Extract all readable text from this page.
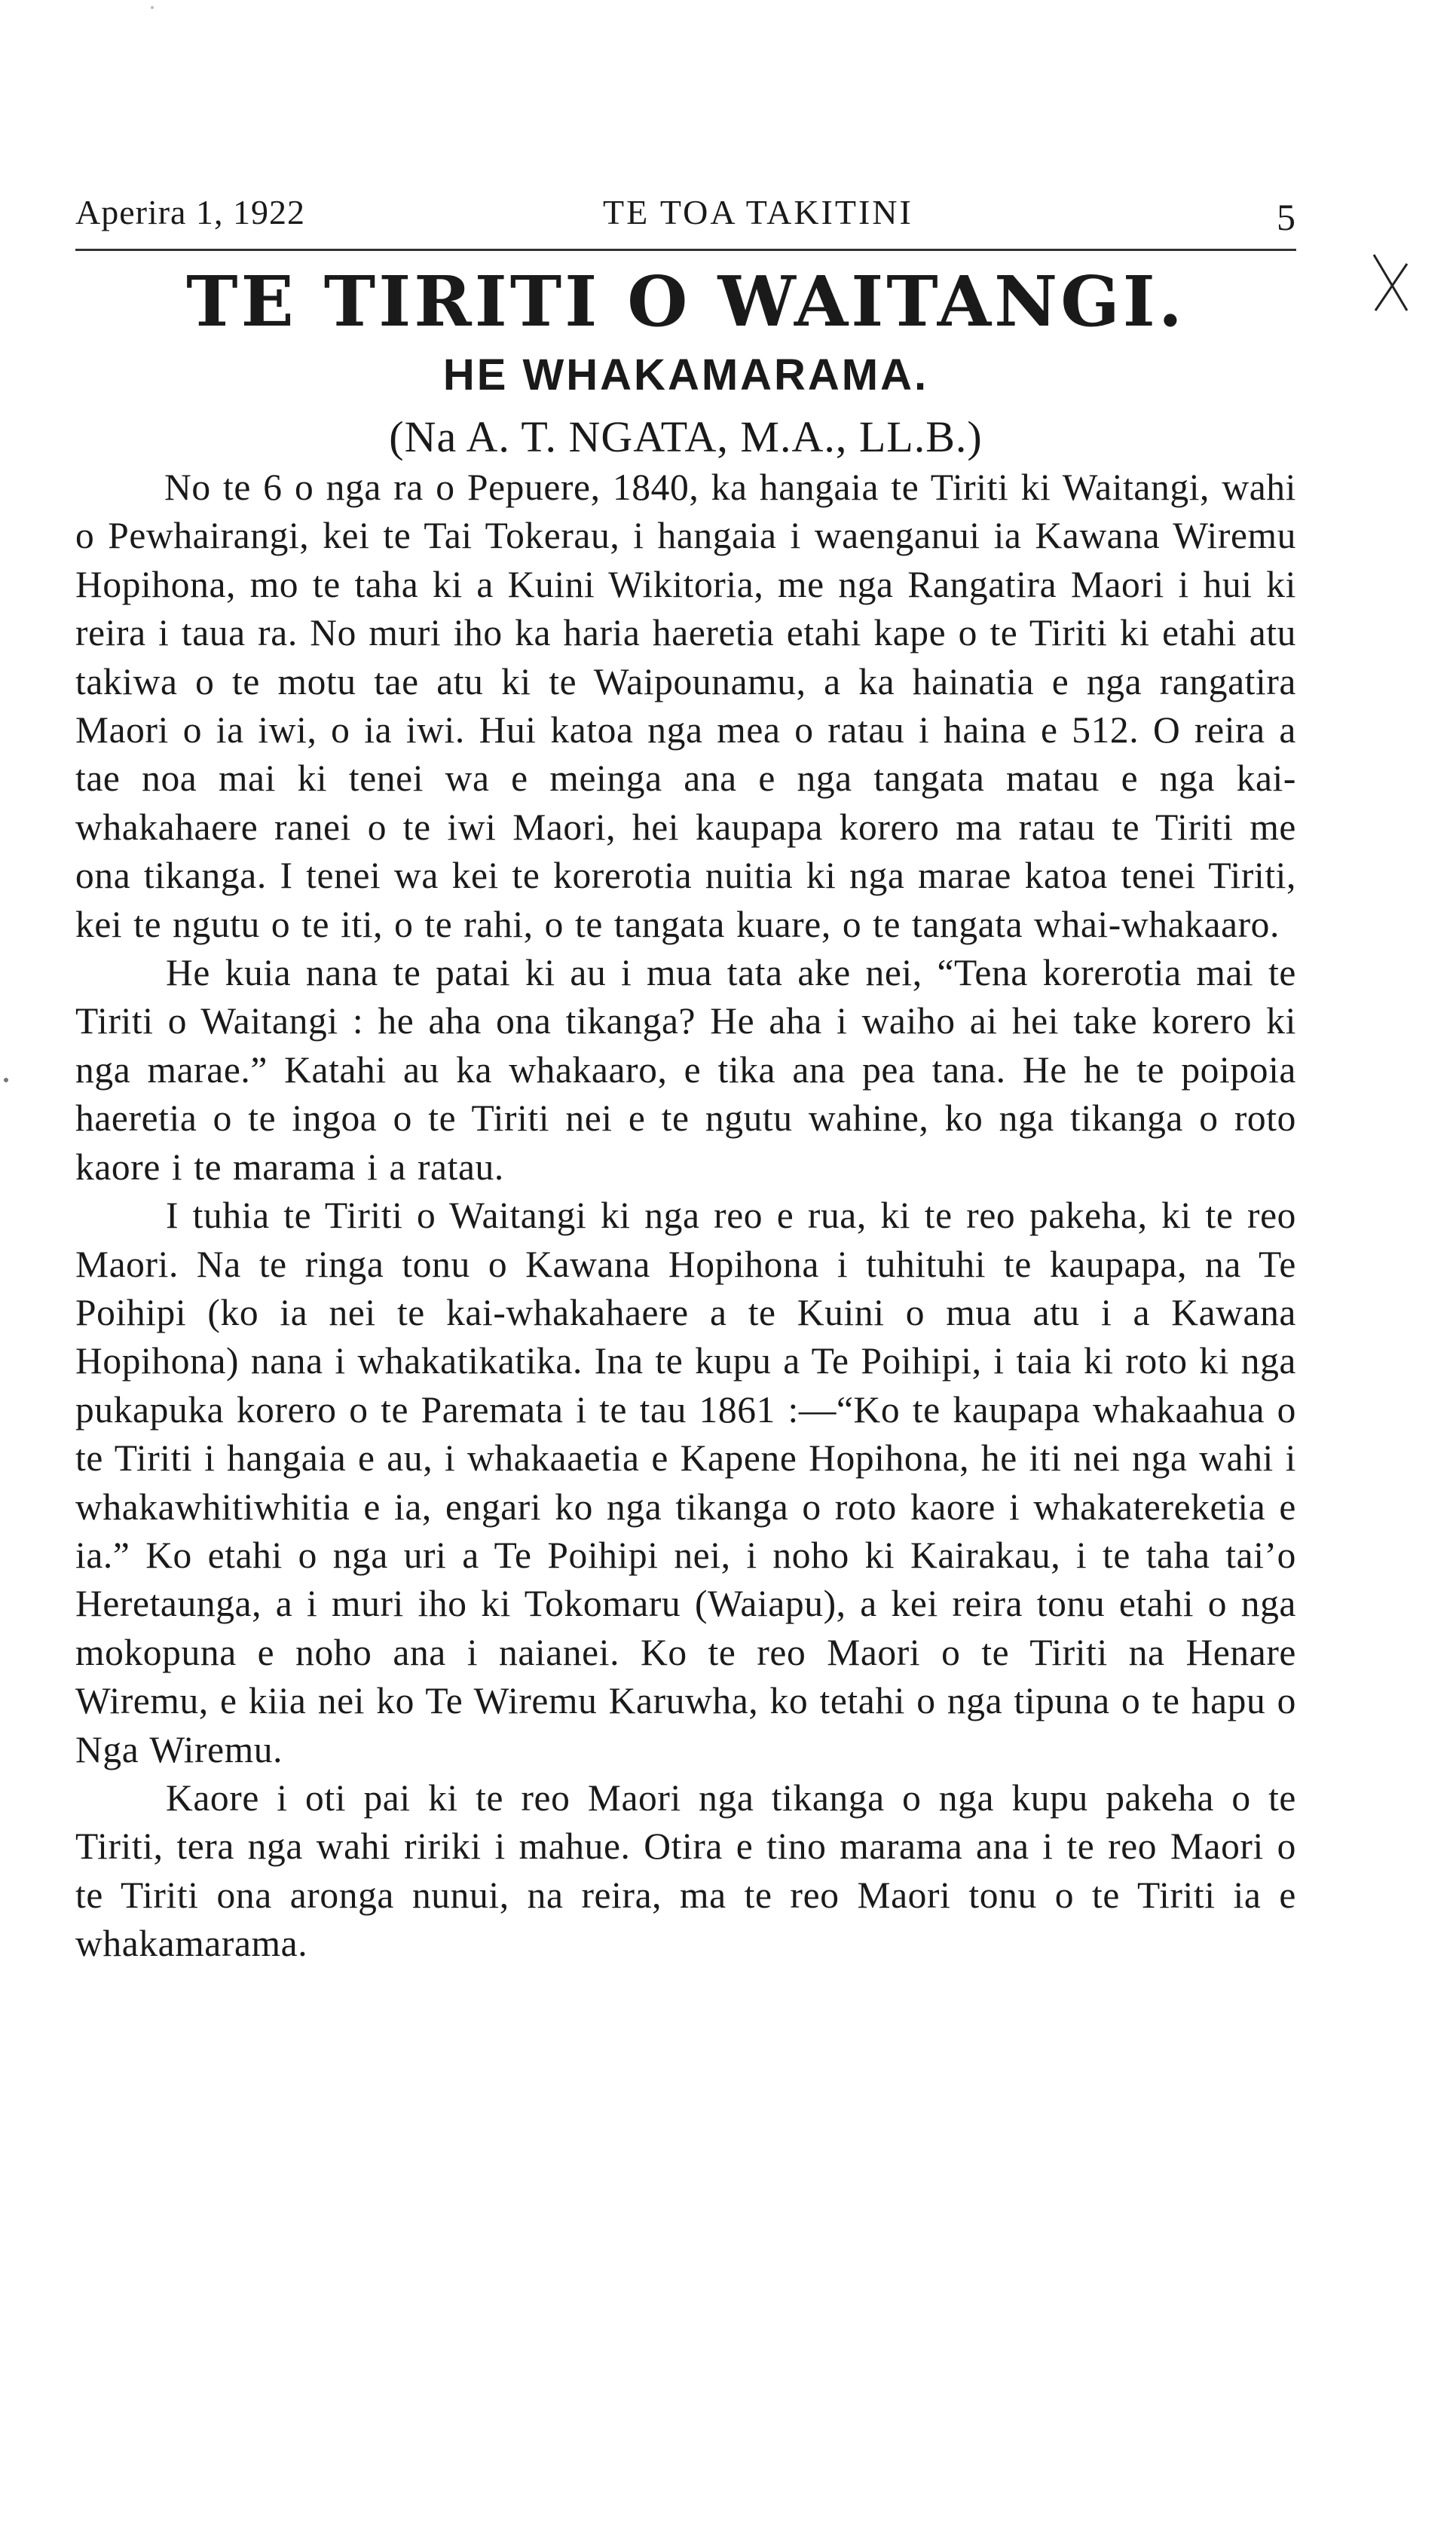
Aperira 1, 1922	TE TOA TAKITINI	5
TE TIRITI O WAITANGI.
HE WHAKAMARAMA.
(Na A. T. NGATA, M.A., LL.B.)

No te 6 o nga ra o Pepuere, 1840, ka hangaia te Tiriti ki Waitangi, wahi o Pewhairangi, kei te Tai Tokerau, i hangaia i waenganui ia Kawana Wiremu Hopihona, mo te taha ki a Kuini Wikitoria, me nga Rangatira Maori i hui ki reira i taua ra. No muri iho ka haria haeretia etahi kape o te Tiriti ki etahi atu takiwa o te motu tae atu ki te Waipounamu, a ka hainatia e nga rangatira Maori o ia iwi, o ia iwi. Hui katoa nga mea o ratau i haina e 512. O reira a tae noa mai ki tenei wa e meinga ana e nga tangata matau e nga kai-whakahaere ranei o te iwi Maori, hei kaupapa korero ma ratau te Tiriti me ona tikanga. I tenei wa kei te korerotia nuitia ki nga marae katoa tenei Tiriti, kei te ngutu o te iti, o te rahi, o te tangata kuare, o te tangata whai-whakaaro.

He kuia nana te patai ki au i mua tata ake nei, “Tena korerotia mai te Tiriti o Waitangi : he aha ona tikanga? He aha i waiho ai hei take korero ki nga marae.” Katahi au ka whakaaro, e tika ana pea tana. He he te poipoia haeretia o te ingoa o te Tiriti nei e te ngutu wahine, ko nga tikanga o roto kaore i te marama i a ratau.

I tuhia te Tiriti o Waitangi ki nga reo e rua, ki te reo pakeha, ki te reo Maori. Na te ringa tonu o Kawana Hopihona i tuhituhi te kaupapa, na Te Poihipi (ko ia nei te kai-whakahaere a te Kuini o mua atu i a Kawana Hopihona) nana i whakatikatika. Ina te kupu a Te Poihipi, i taia ki roto ki nga pukapuka korero o te Paremata i te tau 1861 :—“Ko te kaupapa whakaahua o te Tiriti i hangaia e au, i whakaaetia e Kapene Hopihona, he iti nei nga wahi i whakawhitiwhitia e ia, engari ko nga tikanga o roto kaore i whakatereketia e ia.” Ko etahi o nga uri a Te Poihipi nei, i noho ki Kairakau, i te taha tai’o Heretaunga, a i muri iho ki Tokomaru (Waiapu), a kei reira tonu etahi o nga mokopuna e noho ana i naianei. Ko te reo Maori o te Tiriti na Henare Wiremu, e kiia nei ko Te Wiremu Karuwha, ko tetahi o nga tipuna o te hapu o Nga Wiremu.

Kaore i oti pai ki te reo Maori nga tikanga o nga kupu pakeha o te Tiriti, tera nga wahi ririki i mahue. Otira e tino marama ana i te reo Maori o te Tiriti ona aronga nunui, na reira, ma te reo Maori tonu o te Tiriti ia e whakamarama.
